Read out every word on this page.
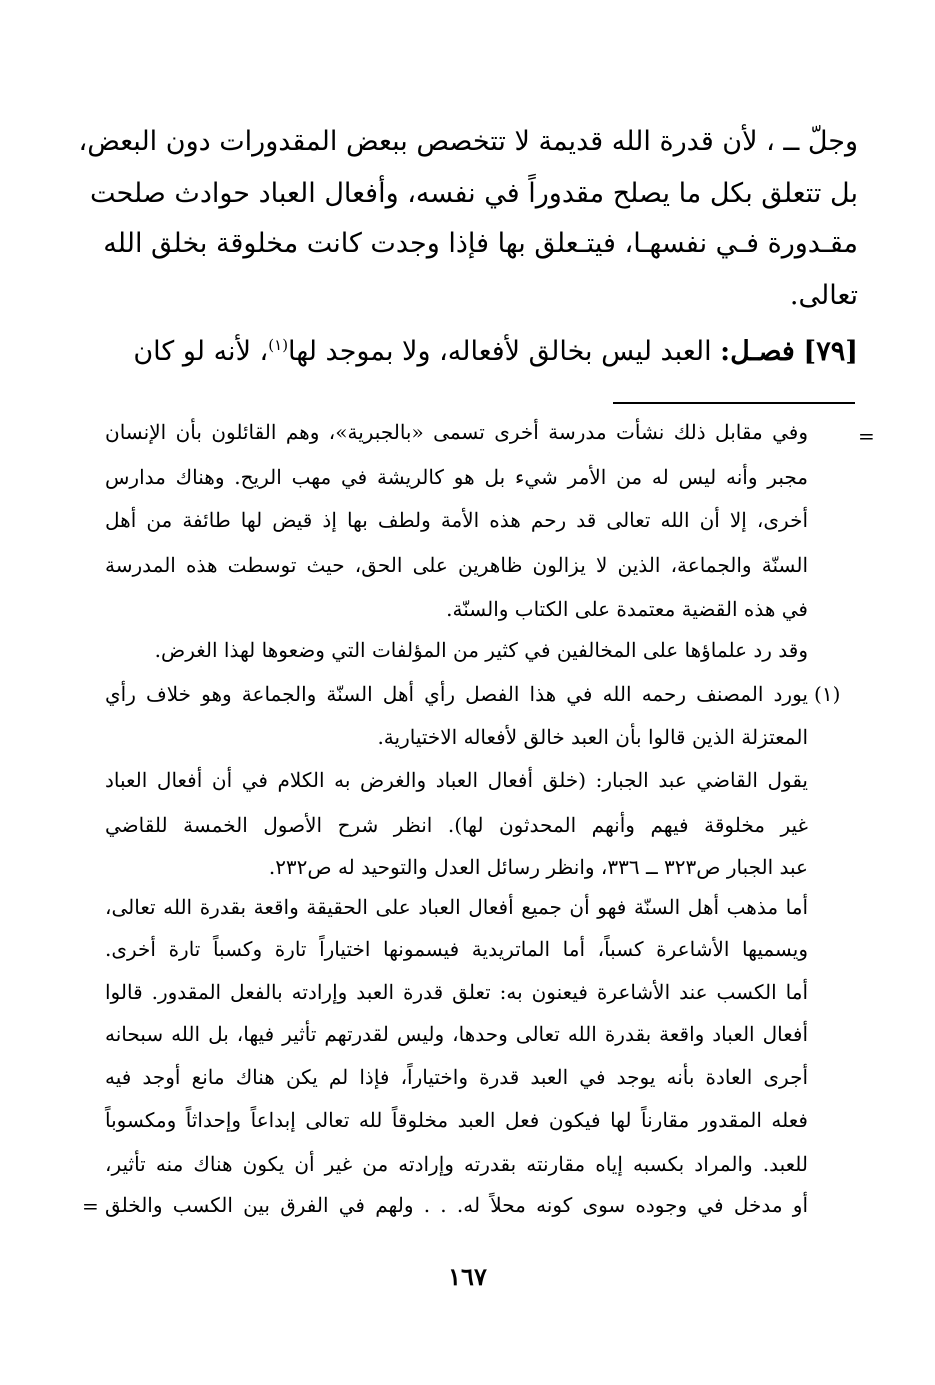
وجلّ ــ ، لأن قدرة الله قديمة لا تتخصص ببعض المقدورات دون البعض،
بل تتعلق بكل ما يصلح مقدوراً في نفسه، وأفعال العباد حوادث صلحت
مقـدورة فـي نفسهـا، فيتـعلق بها فإذا وجدت كانت مخلوقة بخلق الله
تعالى.
[٧٩] فصـل: العبد ليس بخالق لأفعاله، ولا بموجد لها$^{(١)}$، لأنه لو كان
=
وفي مقابل ذلك نشأت مدرسة أخرى تسمى «بالجبرية»، وهم القائلون بأن الإنسان
مجبر وأنه ليس له من الأمر شيء بل هو كالريشة في مهب الريح. وهناك مدارس
أخرى، إلا أن الله تعالى قد رحم هذه الأمة ولطف بها إذ قيض لها طائفة من أهل
السنّة والجماعة، الذين لا يزالون ظاهرين على الحق، حيث توسطت هذه المدرسة
في هذه القضية معتمدة على الكتاب والسنّة.
وقد رد علماؤها على المخالفين في كثير من المؤلفات التي وضعوها لهذا الغرض.
(١)
يورد المصنف رحمه الله في هذا الفصل رأي أهل السنّة والجماعة وهو خلاف رأي
المعتزلة الذين قالوا بأن العبد خالق لأفعاله الاختيارية.
يقول القاضي عبد الجبار: (خلق أفعال العباد والغرض به الكلام في أن أفعال العباد
غير مخلوقة فيهم وأنهم المحدثون لها). انظر شرح الأصول الخمسة للقاضي
عبد الجبار ص٣٢٣ ــ ٣٣٦، وانظر رسائل العدل والتوحيد له ص٢٣٢.
أما مذهب أهل السنّة فهو أن جميع أفعال العباد على الحقيقة واقعة بقدرة الله تعالى،
ويسميها الأشاعرة كسباً، أما الماتريدية فيسمونها اختياراً تارة وكسباً تارة أخرى.
أما الكسب عند الأشاعرة فيعنون به: تعلق قدرة العبد وإرادته بالفعل المقدور. قالوا
أفعال العباد واقعة بقدرة الله تعالى وحدها، وليس لقدرتهم تأثير فيها، بل الله سبحانه
أجرى العادة بأنه يوجد في العبد قدرة واختياراً، فإذا لم يكن هناك مانع أوجد فيه
فعله المقدور مقارناً لها فيكون فعل العبد مخلوقاً لله تعالى إبداعاً وإحداثاً ومكسوباً
للعبد. والمراد بكسبه إياه مقارنته بقدرته وإرادته من غير أن يكون هناك منه تأثير،
أو مدخل في وجوده سوى كونه محلاً له. . . ولهم في الفرق بين الكسب والخلق
=
١٦٧
